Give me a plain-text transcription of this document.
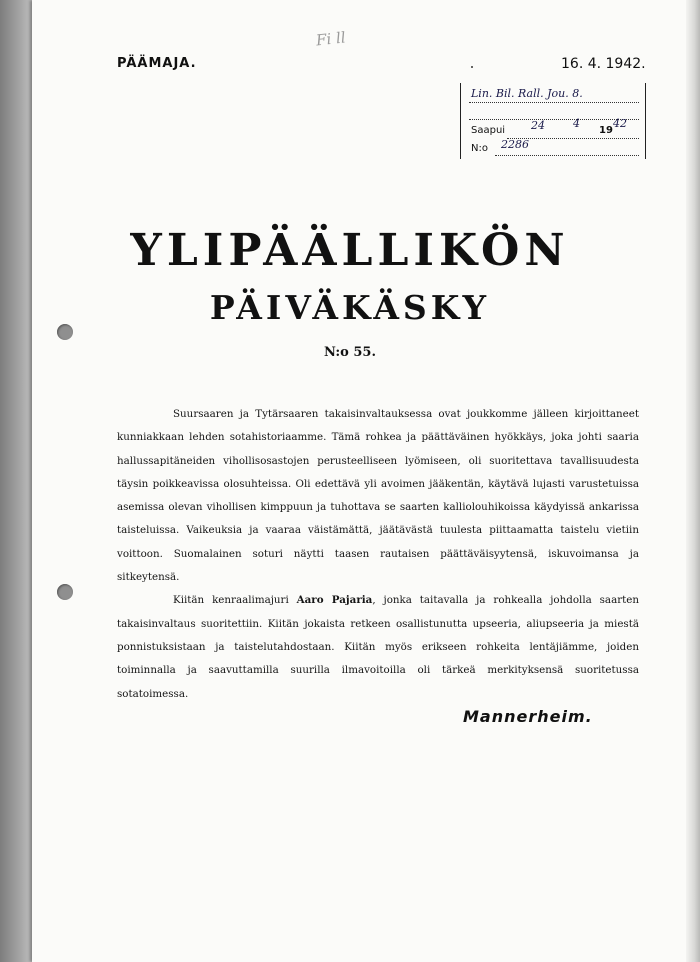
Fi ll
PÄÄMAJA.	16. 4. 1942.
Lin. Bil. Rall. Jou. 8.
Saapui 24	4
19
42
N:o 2286
YLIPÄÄLLIKÖN
PÄIVÄKÄSKY
N:o 55.

Suursaaren ja Tytärsaaren takaisinvaltauksessa ovat joukkomme jälleen kirjoittaneet kunniakkaan lehden sotahistoriaamme. Tämä rohkea ja päättäväinen hyökkäys, joka johti saaria hallussapitäneiden vihollisosastojen perusteelliseen lyömiseen, oli suoritettava tavallisuudesta täysin poikkeavissa olosuhteissa. Oli edettävä yli avoimen jääkentän, käytävä lujasti varustetuissa asemissa olevan vihollisen kimppuun ja tuhottava se saarten kalliolouhikoissa käydyissä ankarissa taisteluissa. Vaikeuksia ja vaaraa väistämättä, jäätävästä tuulesta piittaamatta taistelu vietiin voittoon. Suomalainen soturi näytti taasen rautaisen päättäväisyytensä, iskuvoimansa ja sitkeytensä.

Kiitän kenraalimajuri Aaro Pajaria, jonka taitavalla ja rohkealla johdolla saarten takaisinvaltaus suoritettiin. Kiitän jokaista retkeen osallistunutta upseeria, aliupseeria ja miestä ponnistuksistaan ja taistelutahdostaan. Kiitän myös erikseen rohkeita lentäjiämme, joiden toiminnalla ja saavuttamilla suurilla ilmavoitoilla oli tärkeä merkityksensä suoritetussa sotatoimessa.

Mannerheim.
